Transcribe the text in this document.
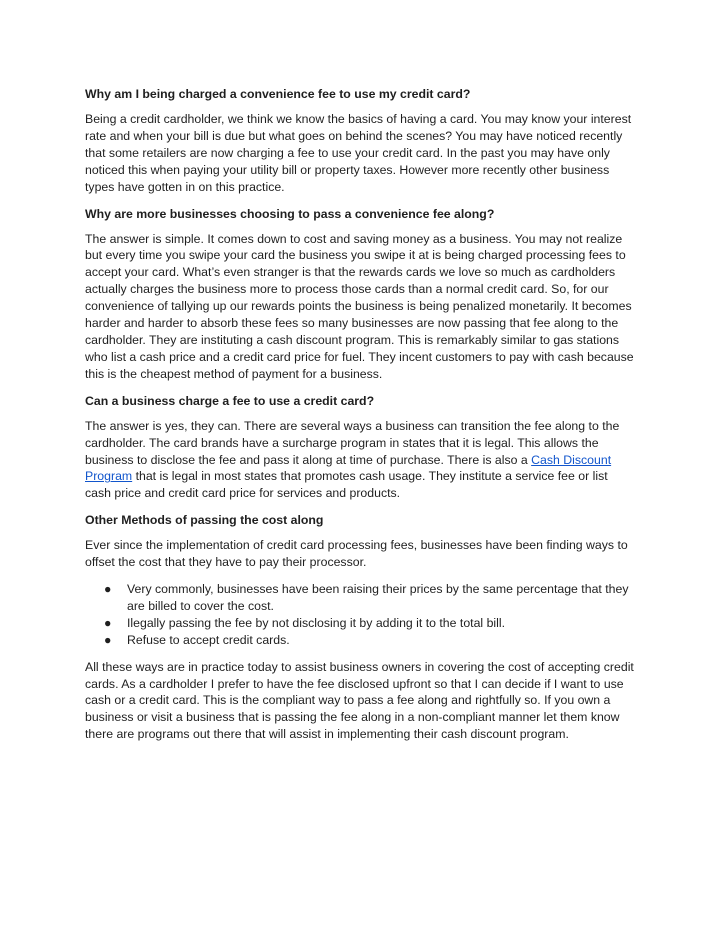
Why am I being charged a convenience fee to use my credit card?

Being a credit cardholder, we think we know the basics of having a card. You may know your interest rate and when your bill is due but what goes on behind the scenes? You may have noticed recently that some retailers are now charging a fee to use your credit card. In the past you may have only noticed this when paying your utility bill or property taxes. However more recently other business types have gotten in on this practice.

Why are more businesses choosing to pass a convenience fee along?

The answer is simple. It comes down to cost and saving money as a business. You may not realize but every time you swipe your card the business you swipe it at is being charged processing fees to accept your card. What’s even stranger is that the rewards cards we love so much as cardholders actually charges the business more to process those cards than a normal credit card. So, for our convenience of tallying up our rewards points the business is being penalized monetarily. It becomes harder and harder to absorb these fees so many businesses are now passing that fee along to the cardholder. They are instituting a cash discount program. This is remarkably similar to gas stations who list a cash price and a credit card price for fuel. They incent customers to pay with cash because this is the cheapest method of payment for a business.

Can a business charge a fee to use a credit card?

The answer is yes, they can. There are several ways a business can transition the fee along to the cardholder. The card brands have a surcharge program in states that it is legal. This allows the business to disclose the fee and pass it along at time of purchase. There is also a Cash Discount Program that is legal in most states that promotes cash usage. They institute a service fee or list cash price and credit card price for services and products.

Other Methods of passing the cost along

Ever since the implementation of credit card processing fees, businesses have been finding ways to offset the cost that they have to pay their processor.

● Very commonly, businesses have been raising their prices by the same percentage that they are billed to cover the cost.
● Ilegally passing the fee by not disclosing it by adding it to the total bill.
● Refuse to accept credit cards.

All these ways are in practice today to assist business owners in covering the cost of accepting credit cards. As a cardholder I prefer to have the fee disclosed upfront so that I can decide if I want to use cash or a credit card. This is the compliant way to pass a fee along and rightfully so. If you own a business or visit a business that is passing the fee along in a non-compliant manner let them know there are programs out there that will assist in implementing their cash discount program.
